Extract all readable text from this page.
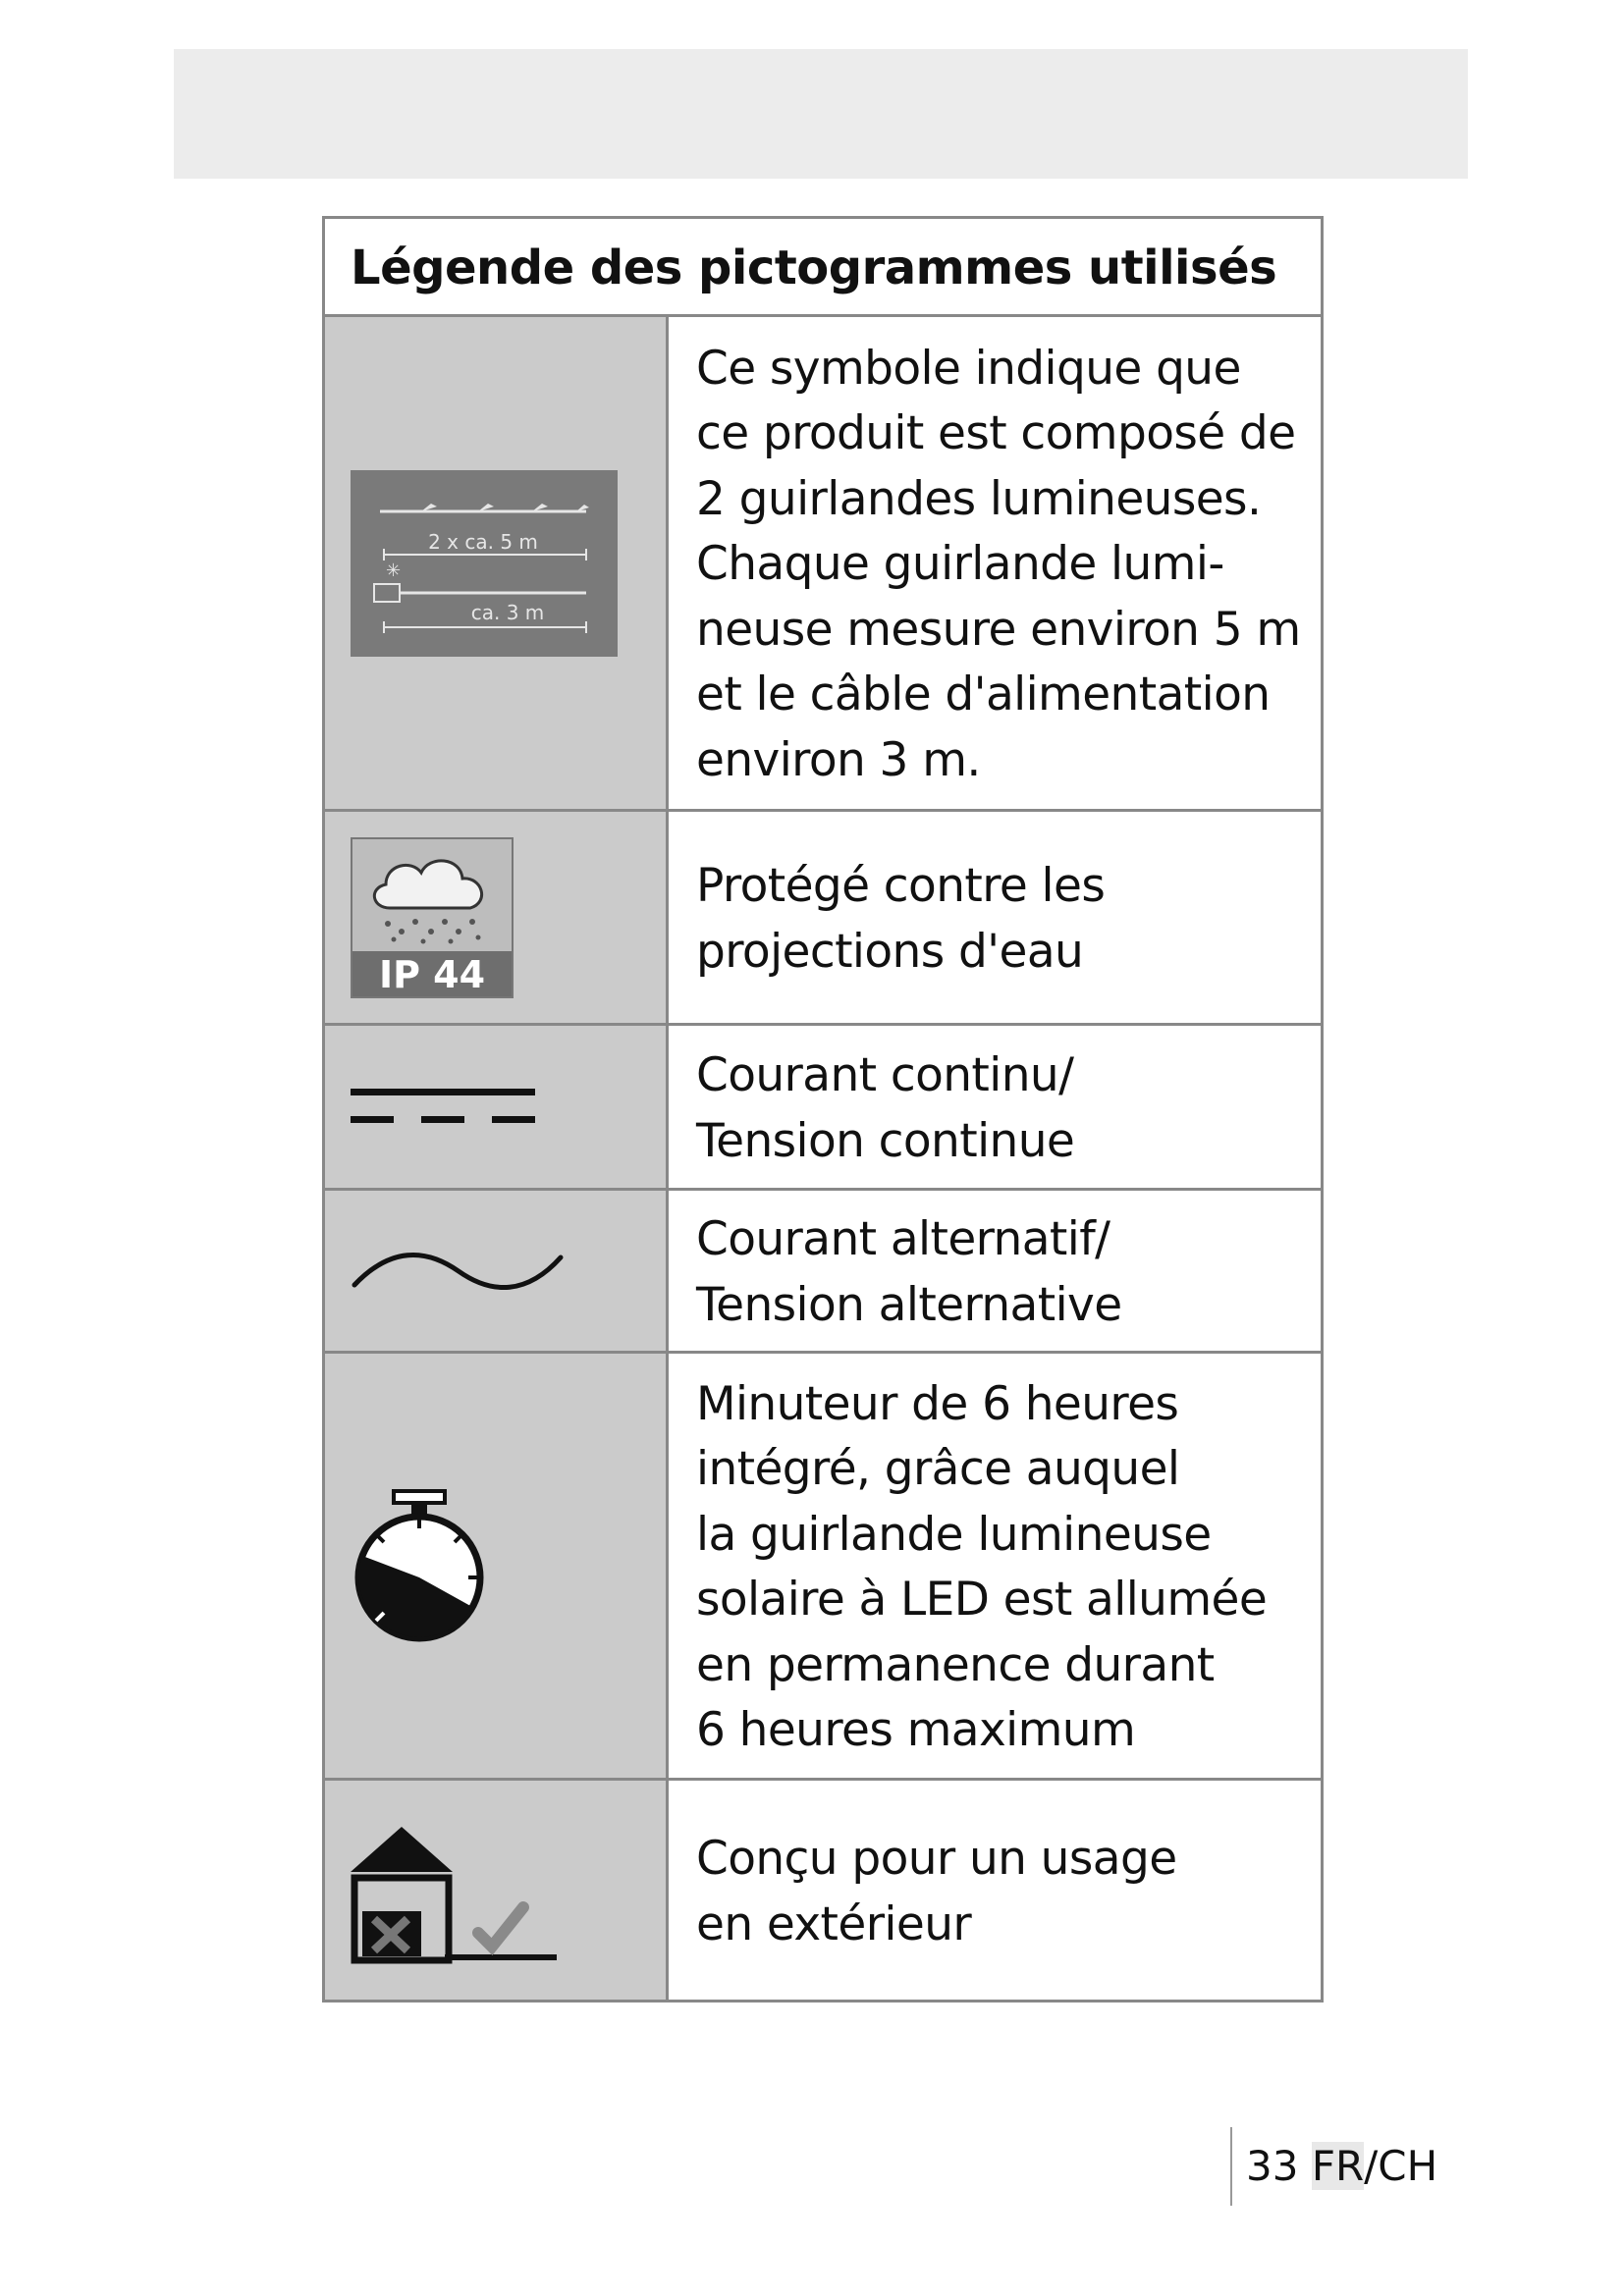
Légende des pictogrammes utilisés
2 x ca. 5 m
✳
ca. 3 m
Ce symbole indique que
ce produit est composé de
2 guirlandes lumineuses.
Chaque guirlande lumi-
neuse mesure environ 5 m
et le câble d'alimentation
environ 3 m.
IP 44
Protégé contre les
projections d'eau
Courant continu/
Tension continue
Courant alternatif/
Tension alternative
Minuteur de 6 heures
intégré, grâce auquel
la guirlande lumineuse
solaire à LED est allumée
en permanence durant
6 heures maximum
Conçu pour un usage
en extérieur
33 FR/CH
